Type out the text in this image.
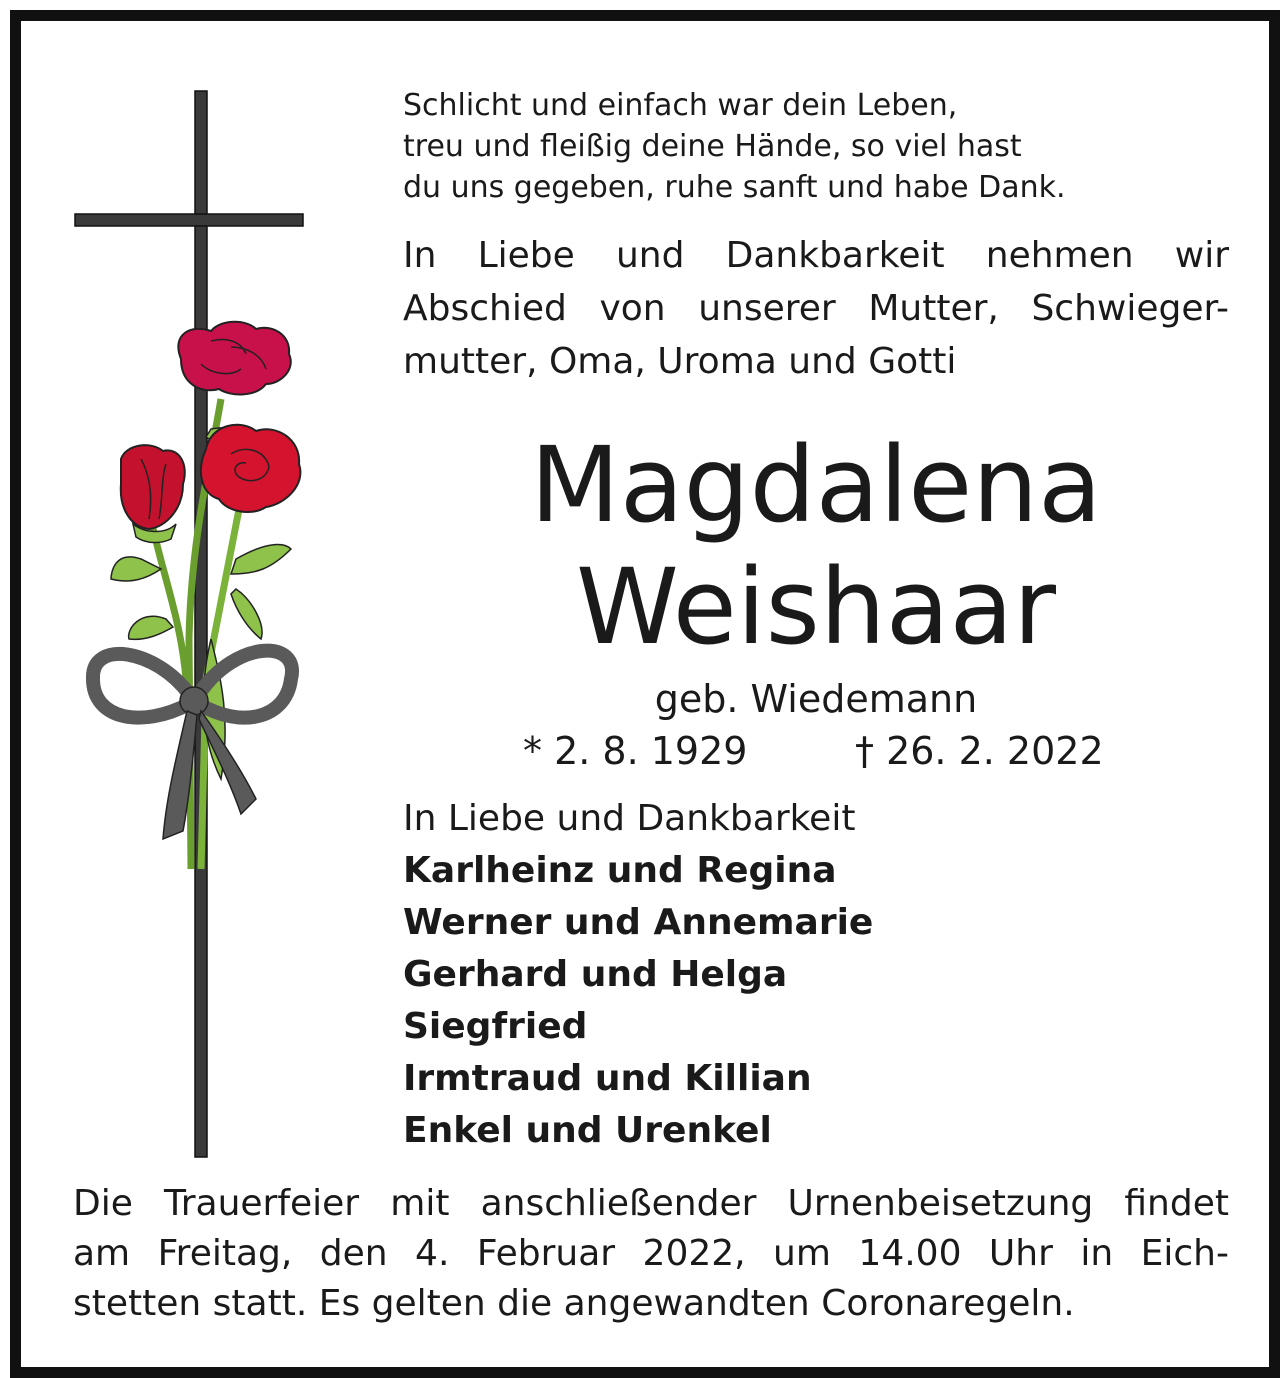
Schlicht und einfach war dein Leben,
treu und fleißig deine Hände, so viel hast
du uns gegeben, ruhe sanft und habe Dank.
In Liebe und Dankbarkeit nehmen wir
Abschied von unserer Mutter, Schwieger-
mutter, Oma, Uroma und Gotti
Magdalena
Weishaar
geb. Wiedemann
* 2. 8. 1929	† 26. 2. 2022
In Liebe und Dankbarkeit
Karlheinz und Regina
Werner und Annemarie
Gerhard und Helga
Siegfried
Irmtraud und Killian
Enkel und Urenkel
Die Trauerfeier mit anschließender Urnenbeisetzung findet
am Freitag, den 4. Februar 2022, um 14.00 Uhr in Eich-
stetten statt. Es gelten die angewandten Coronaregeln.
